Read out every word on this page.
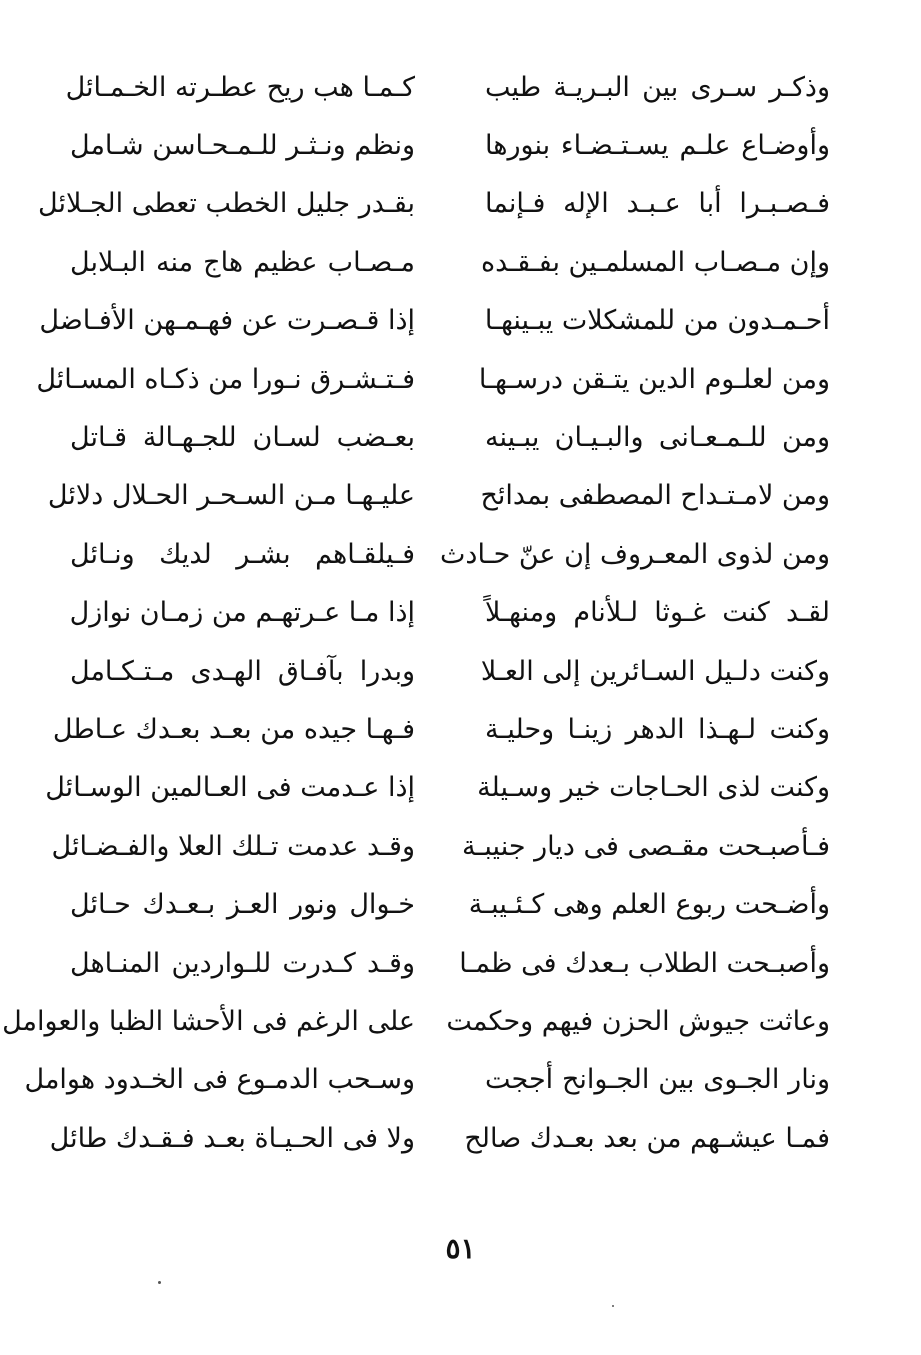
وذكـر سـرى بين البـريـة طيب
كـمـا هب ريح عطـرته الخـمـائل
وأوضـاع علـم يسـتـضـاء بنورها
ونظم ونـثـر للـمـحـاسن شـامل
فـصـبـرا أبا عـبـد الإله فـإنما
بقـدر جليل الخطب تعطى الجـلائل
وإن مـصـاب المسلمـين بفـقـده
مـصـاب عظيم هاج منه البـلابل
أحـمـدون من للمشكلات يبـينهـا
إذا قـصـرت عن فهـمـهن الأفـاضل
ومن لعلـوم الدين يتـقن درسـهـا
فـتـشـرق نـورا من ذكـاه المسـائل
ومن للـمـعـانى والبـيـان يبـينه
بعـضب لسـان للجـهـالة قـاتل
ومن لامـتـداح المصطفى بمدائح
عليـهـا مـن السـحـر الحـلال دلائل
ومن لذوى المعـروف إن عنّ حـادث
فـيلقـاهم بشـر لديك ونـائل
لقـد كنت غـوثا لـلأنام ومنهـلاً
إذا مـا عـرتهـم من زمـان نوازل
وكنت دلـيل السـائرين إلى العـلا
وبدرا بآفـاق الهـدى مـتـكـامل
وكنت لـهـذا الدهر زينـا وحليـة
فـهـا جيده من بعـد بعـدك عـاطل
وكنت لذى الحـاجات خير وسـيلة
إذا عـدمت فى العـالمين الوسـائل
فـأصبـحت مقـصى فى ديار جنيبـة
وقـد عدمت تـلك العلا والفـضـائل
وأضـحت ربوع العلم وهى كـئـيبـة
خـوال ونور العـز بـعـدك حـائل
وأصبـحت الطلاب بـعدك فى ظمـا
وقـد كـدرت للـواردين المنـاهل
وعاثت جيوش الحزن فيهم وحكمت
على الرغم فى الأحشا الظبا والعوامل
ونار الجـوى بين الجـوانح أججت
وسـحب الدمـوع فى الخـدود هوامل
فمـا عيشـهم من بعد بعـدك صالح
ولا فى الحـيـاة بعـد فـقـدك طائل
٥١
